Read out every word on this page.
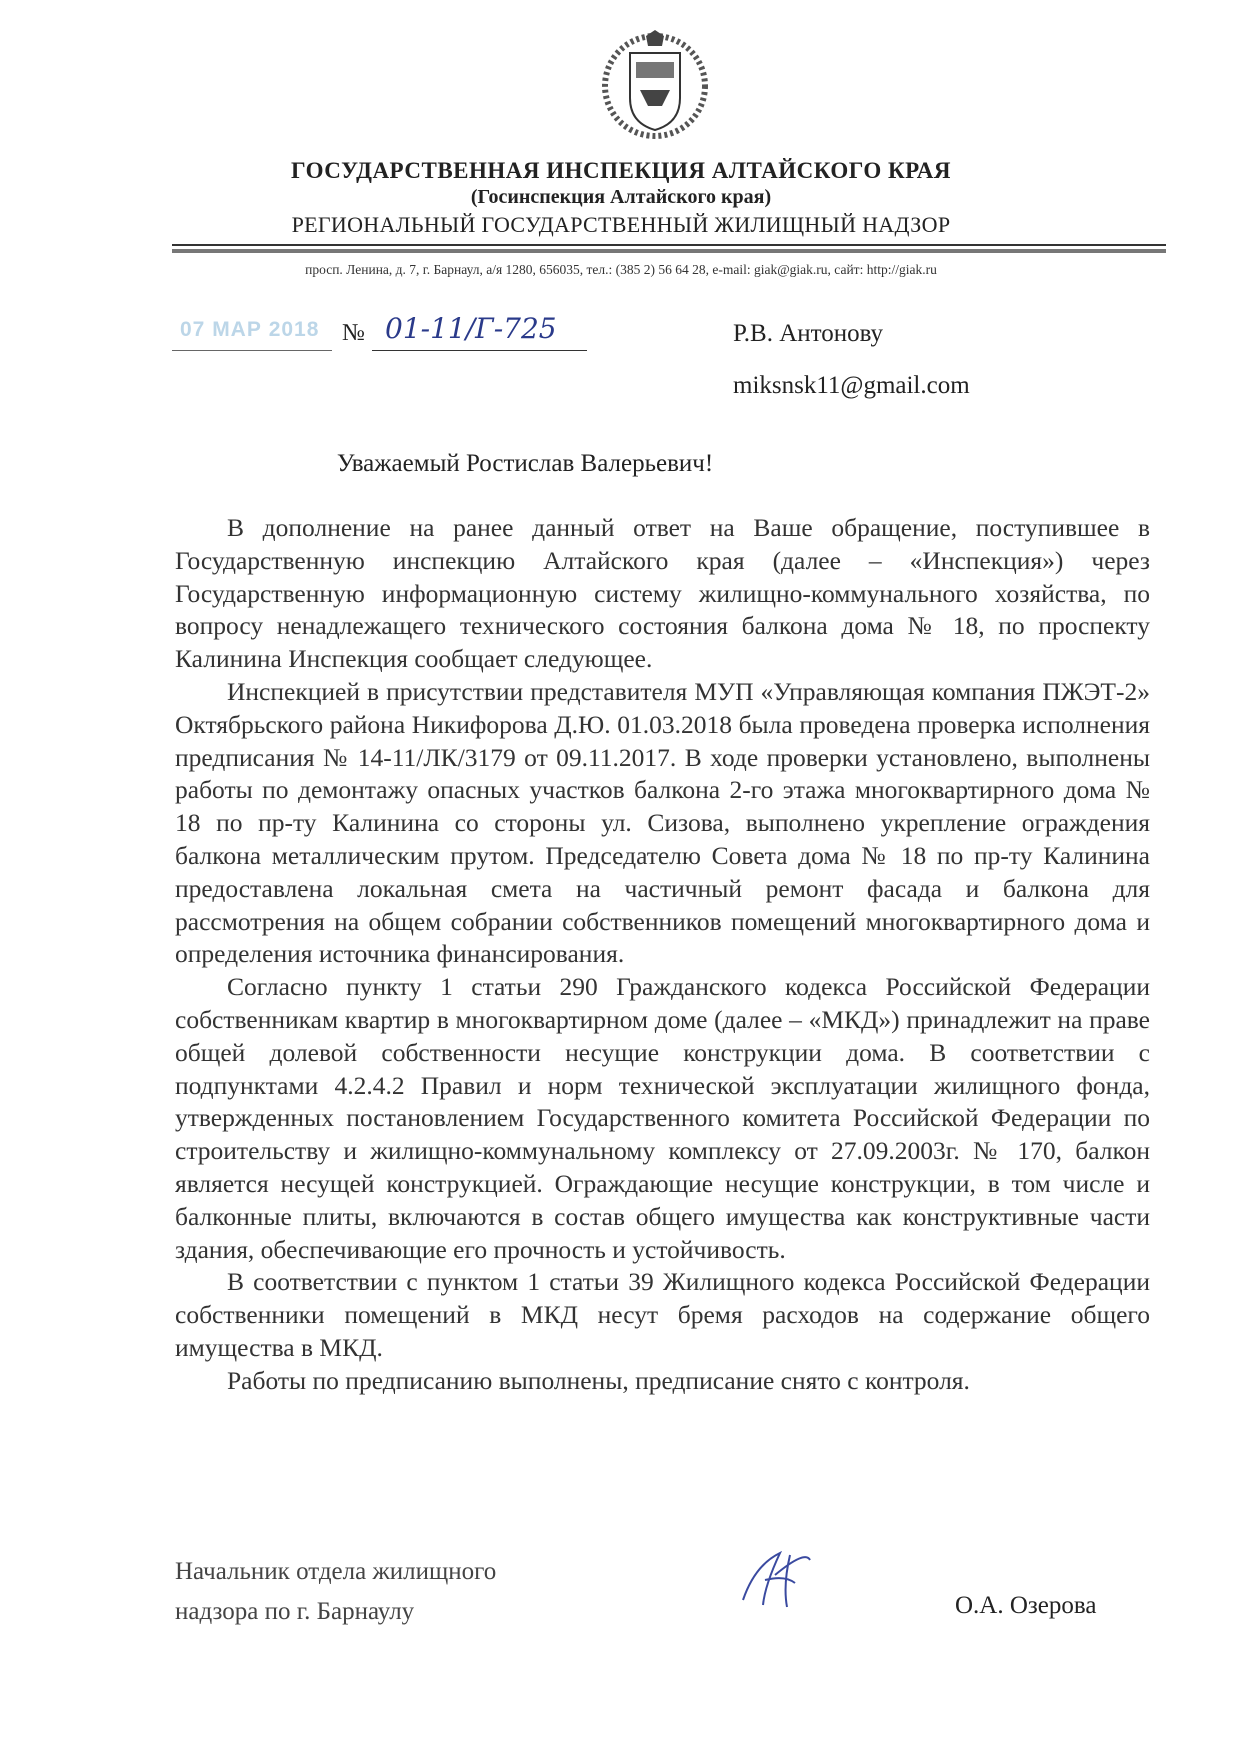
ГОСУДАРСТВЕННАЯ ИНСПЕКЦИЯ АЛТАЙСКОГО КРАЯ
(Госинспекция Алтайского края)
РЕГИОНАЛЬНЫЙ ГОСУДАРСТВЕННЫЙ ЖИЛИЩНЫЙ НАДЗОР
просп. Ленина, д. 7, г. Барнаул, а/я 1280, 656035, тел.: (385 2) 56 64 28, e-mail: giak@giak.ru, сайт: http://giak.ru
07 МАР 2018 № 01-11/Г-725	Р.В. Антонову
miksnsk11@gmail.com
Уважаемый Ростислав Валерьевич!

В дополнение на ранее данный ответ на Ваше обращение, поступившее в Государственную инспекцию Алтайского края (далее – «Инспекция») через Государственную информационную систему жилищно-коммунального хозяйства, по вопросу ненадлежащего технического состояния балкона дома № 18, по проспекту Калинина Инспекция сообщает следующее.

Инспекцией в присутствии представителя МУП «Управляющая компания ПЖЭТ-2» Октябрьского района Никифорова Д.Ю. 01.03.2018 была проведена проверка исполнения предписания № 14-11/ЛК/3179 от 09.11.2017. В ходе проверки установлено, выполнены работы по демонтажу опасных участков балкона 2-го этажа многоквартирного дома № 18 по пр-ту Калинина со стороны ул. Сизова, выполнено укрепление ограждения балкона металлическим прутом. Председателю Совета дома № 18 по пр-ту Калинина предоставлена локальная смета на частичный ремонт фасада и балкона для рассмотрения на общем собрании собственников помещений многоквартирного дома и определения источника финансирования.

Согласно пункту 1 статьи 290 Гражданского кодекса Российской Федерации собственникам квартир в многоквартирном доме (далее – «МКД») принадлежит на праве общей долевой собственности несущие конструкции дома. В соответствии с подпунктами 4.2.4.2 Правил и норм технической эксплуатации жилищного фонда, утвержденных постановлением Государственного комитета Российской Федерации по строительству и жилищно-коммунальному комплексу от 27.09.2003г. № 170, балкон является несущей конструкцией. Ограждающие несущие конструкции, в том числе и балконные плиты, включаются в состав общего имущества как конструктивные части здания, обеспечивающие его прочность и устойчивость.

В соответствии с пунктом 1 статьи 39 Жилищного кодекса Российской Федерации собственники помещений в МКД несут бремя расходов на содержание общего имущества в МКД.

Работы по предписанию выполнены, предписание снято с контроля.

Начальник отдела жилищного
надзора по г. Барнаулу	О.А. Озерова
